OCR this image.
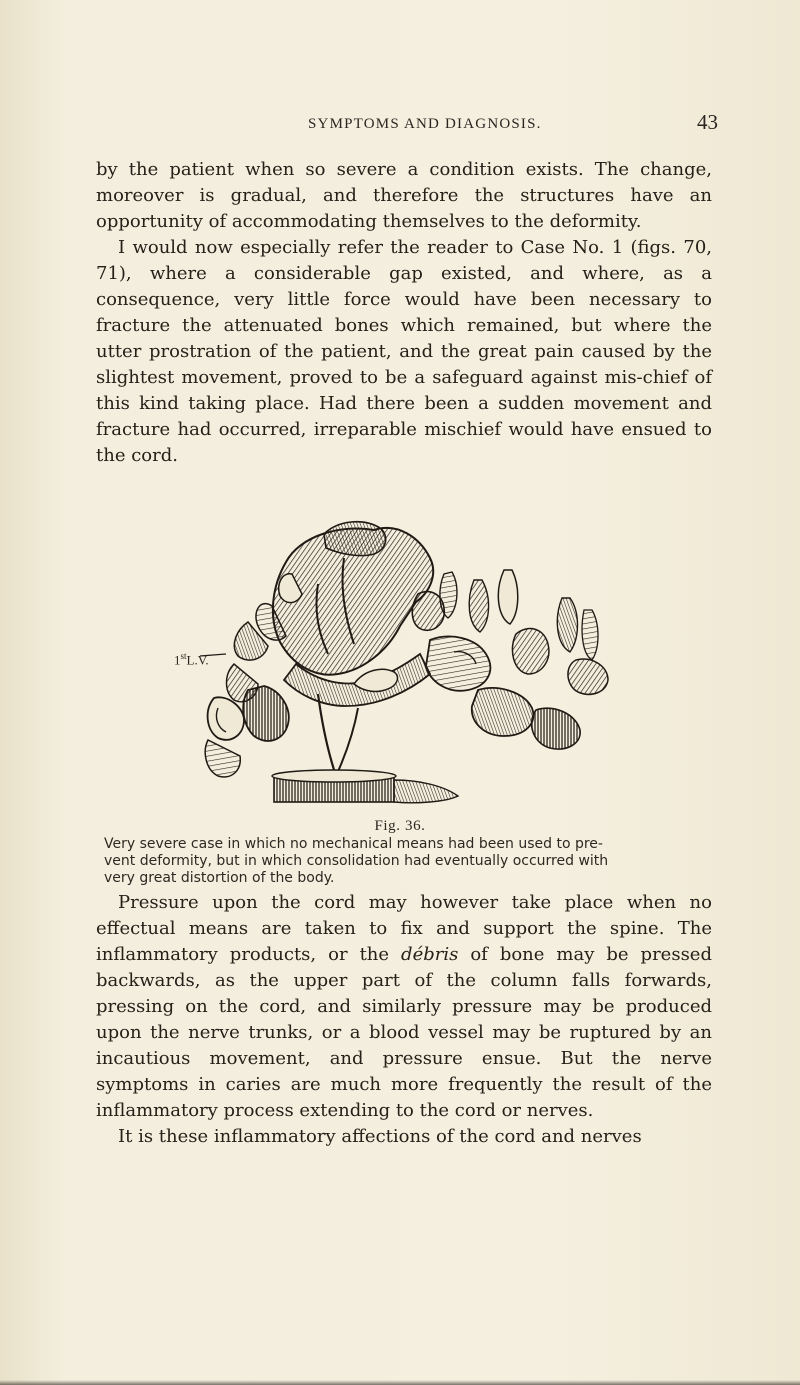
SYMPTOMS AND DIAGNOSIS.	43

by the patient when so severe a condition exists. The change, moreover is gradual, and therefore the structures have an opportunity of accommodating themselves to the deformity.

I would now especially refer the reader to Case No. 1 (figs. 70, 71), where a considerable gap existed, and where, as a consequence, very little force would have been necessary to fracture the attenuated bones which remained, but where the utter prostration of the patient, and the great pain caused by the slightest movement, proved to be a safeguard against mis-chief of this kind taking place. Had there been a sudden movement and fracture had occurred, irreparable mischief would have ensued to the cord.

1stL.V.
Fig. 36.
Very severe case in which no mechanical means had been used to pre-
vent deformity, but in which consolidation had eventually occurred with
very great distortion of the body.

Pressure upon the cord may however take place when no effectual means are taken to fix and support the spine. The inflammatory products, or the débris of bone may be pressed backwards, as the upper part of the column falls forwards, pressing on the cord, and similarly pressure may be produced upon the nerve trunks, or a blood vessel may be ruptured by an incautious movement, and pressure ensue. But the nerve symptoms in caries are much more frequently the result of the inflammatory process extending to the cord or nerves.

It is these inflammatory affections of the cord and nerves
